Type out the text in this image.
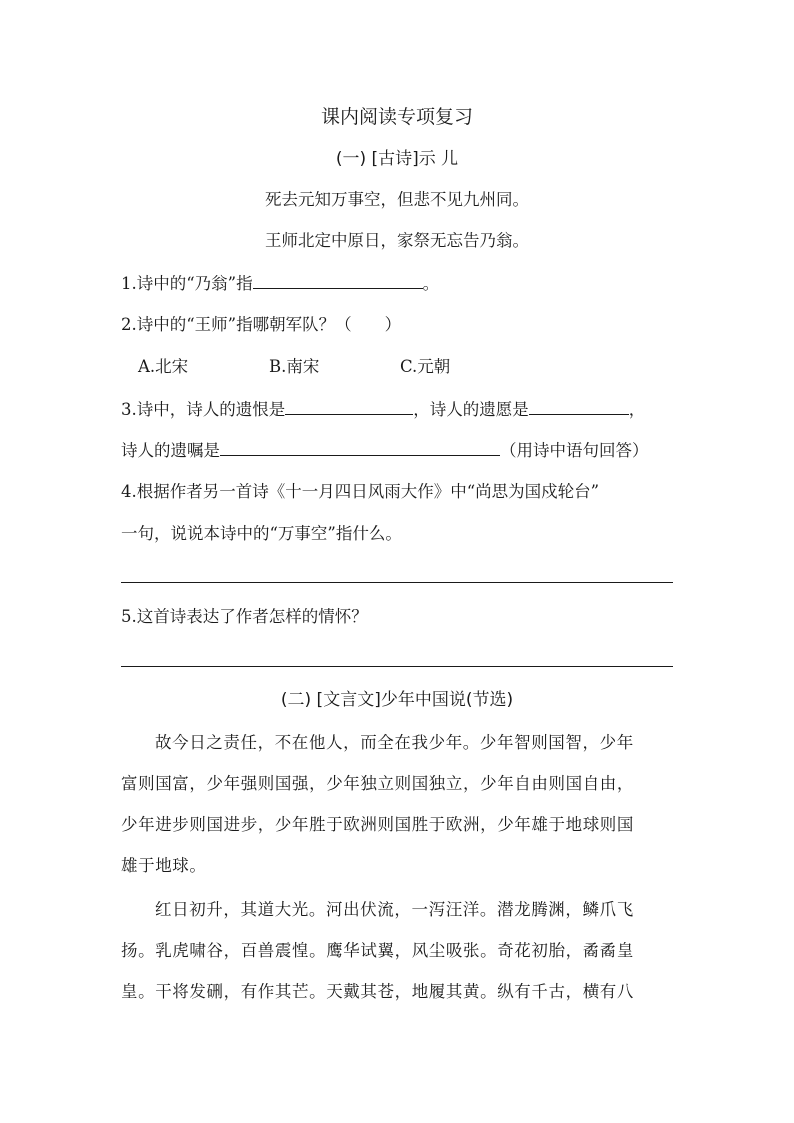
课内阅读专项复习
(一) [古诗]示 儿
死去元知万事空，但悲不见九州同。
王师北定中原日，家祭无忘告乃翁。
1.诗中的“乃翁”指	。
2.诗中的“王师”指哪朝军队？（　　）
A.北宋	B.南宋	C.元朝
3.诗中，诗人的遗恨是	，诗人的遗愿是	，
诗人的遗嘱是	（用诗中语句回答）
4.根据作者另一首诗《十一月四日风雨大作》中“尚思为国戍轮台”
一句，说说本诗中的“万事空”指什么。
5.这首诗表达了作者怎样的情怀？
(二) [文言文]少年中国说(节选)
故今日之责任，不在他人，而全在我少年。少年智则国智，少年
富则国富，少年强则国强，少年独立则国独立，少年自由则国自由，
少年进步则国进步，少年胜于欧洲则国胜于欧洲，少年雄于地球则国
雄于地球。
红日初升，其道大光。河出伏流，一泻汪洋。潜龙腾渊，鳞爪飞
扬。乳虎啸谷，百兽震惶。鹰华试翼，风尘吸张。奇花初胎，矞矞皇
皇。干将发硎，有作其芒。天戴其苍，地履其黄。纵有千古，横有八
